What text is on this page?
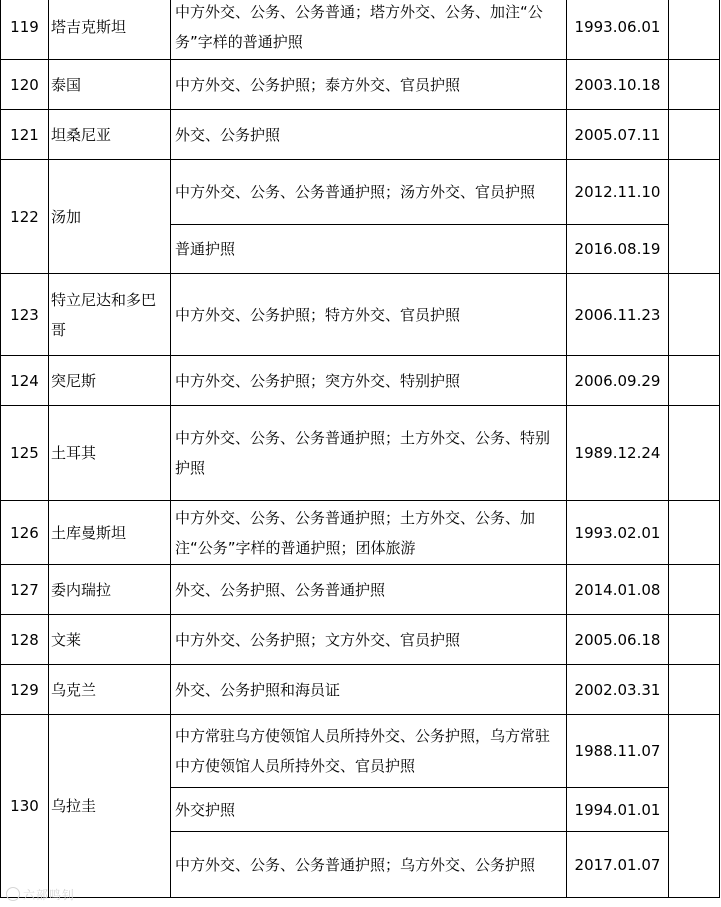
119	塔吉克斯坦	中方外交、公务、公务普通；塔方外交、公务、加注“公务”字样的普通护照	1993.06.01	
120	泰国	中方外交、公务护照；泰方外交、官员护照	2003.10.18	
121	坦桑尼亚	外交、公务护照	2005.07.11	
122	汤加	中方外交、公务、公务普通护照；汤方外交、官员护照	2012.11.10	
		普通护照	2016.08.19	
123	特立尼达和多巴哥	中方外交、公务护照；特方外交、官员护照	2006.11.23	
124	突尼斯	中方外交、公务护照；突方外交、特别护照	2006.09.29	
125	土耳其	中方外交、公务、公务普通护照；土方外交、公务、特别护照	1989.12.24	
126	土库曼斯坦	中方外交、公务、公务普通护照；土方外交、公务、加注“公务”字样的普通护照；团体旅游	1993.02.01	
127	委内瑞拉	外交、公务护照、公务普通护照	2014.01.08	
128	文莱	中方外交、公务护照；文方外交、官员护照	2005.06.18	
129	乌克兰	外交、公务护照和海员证	2002.03.31	
130	乌拉圭	中方常驻乌方使领馆人员所持外交、公务护照，乌方常驻中方使领馆人员所持外交、官员护照	1988.11.07	
		外交护照	1994.01.01	
		中方外交、公务、公务普通护照；乌方外交、公务护照	2017.01.07	
六部鸣钊
